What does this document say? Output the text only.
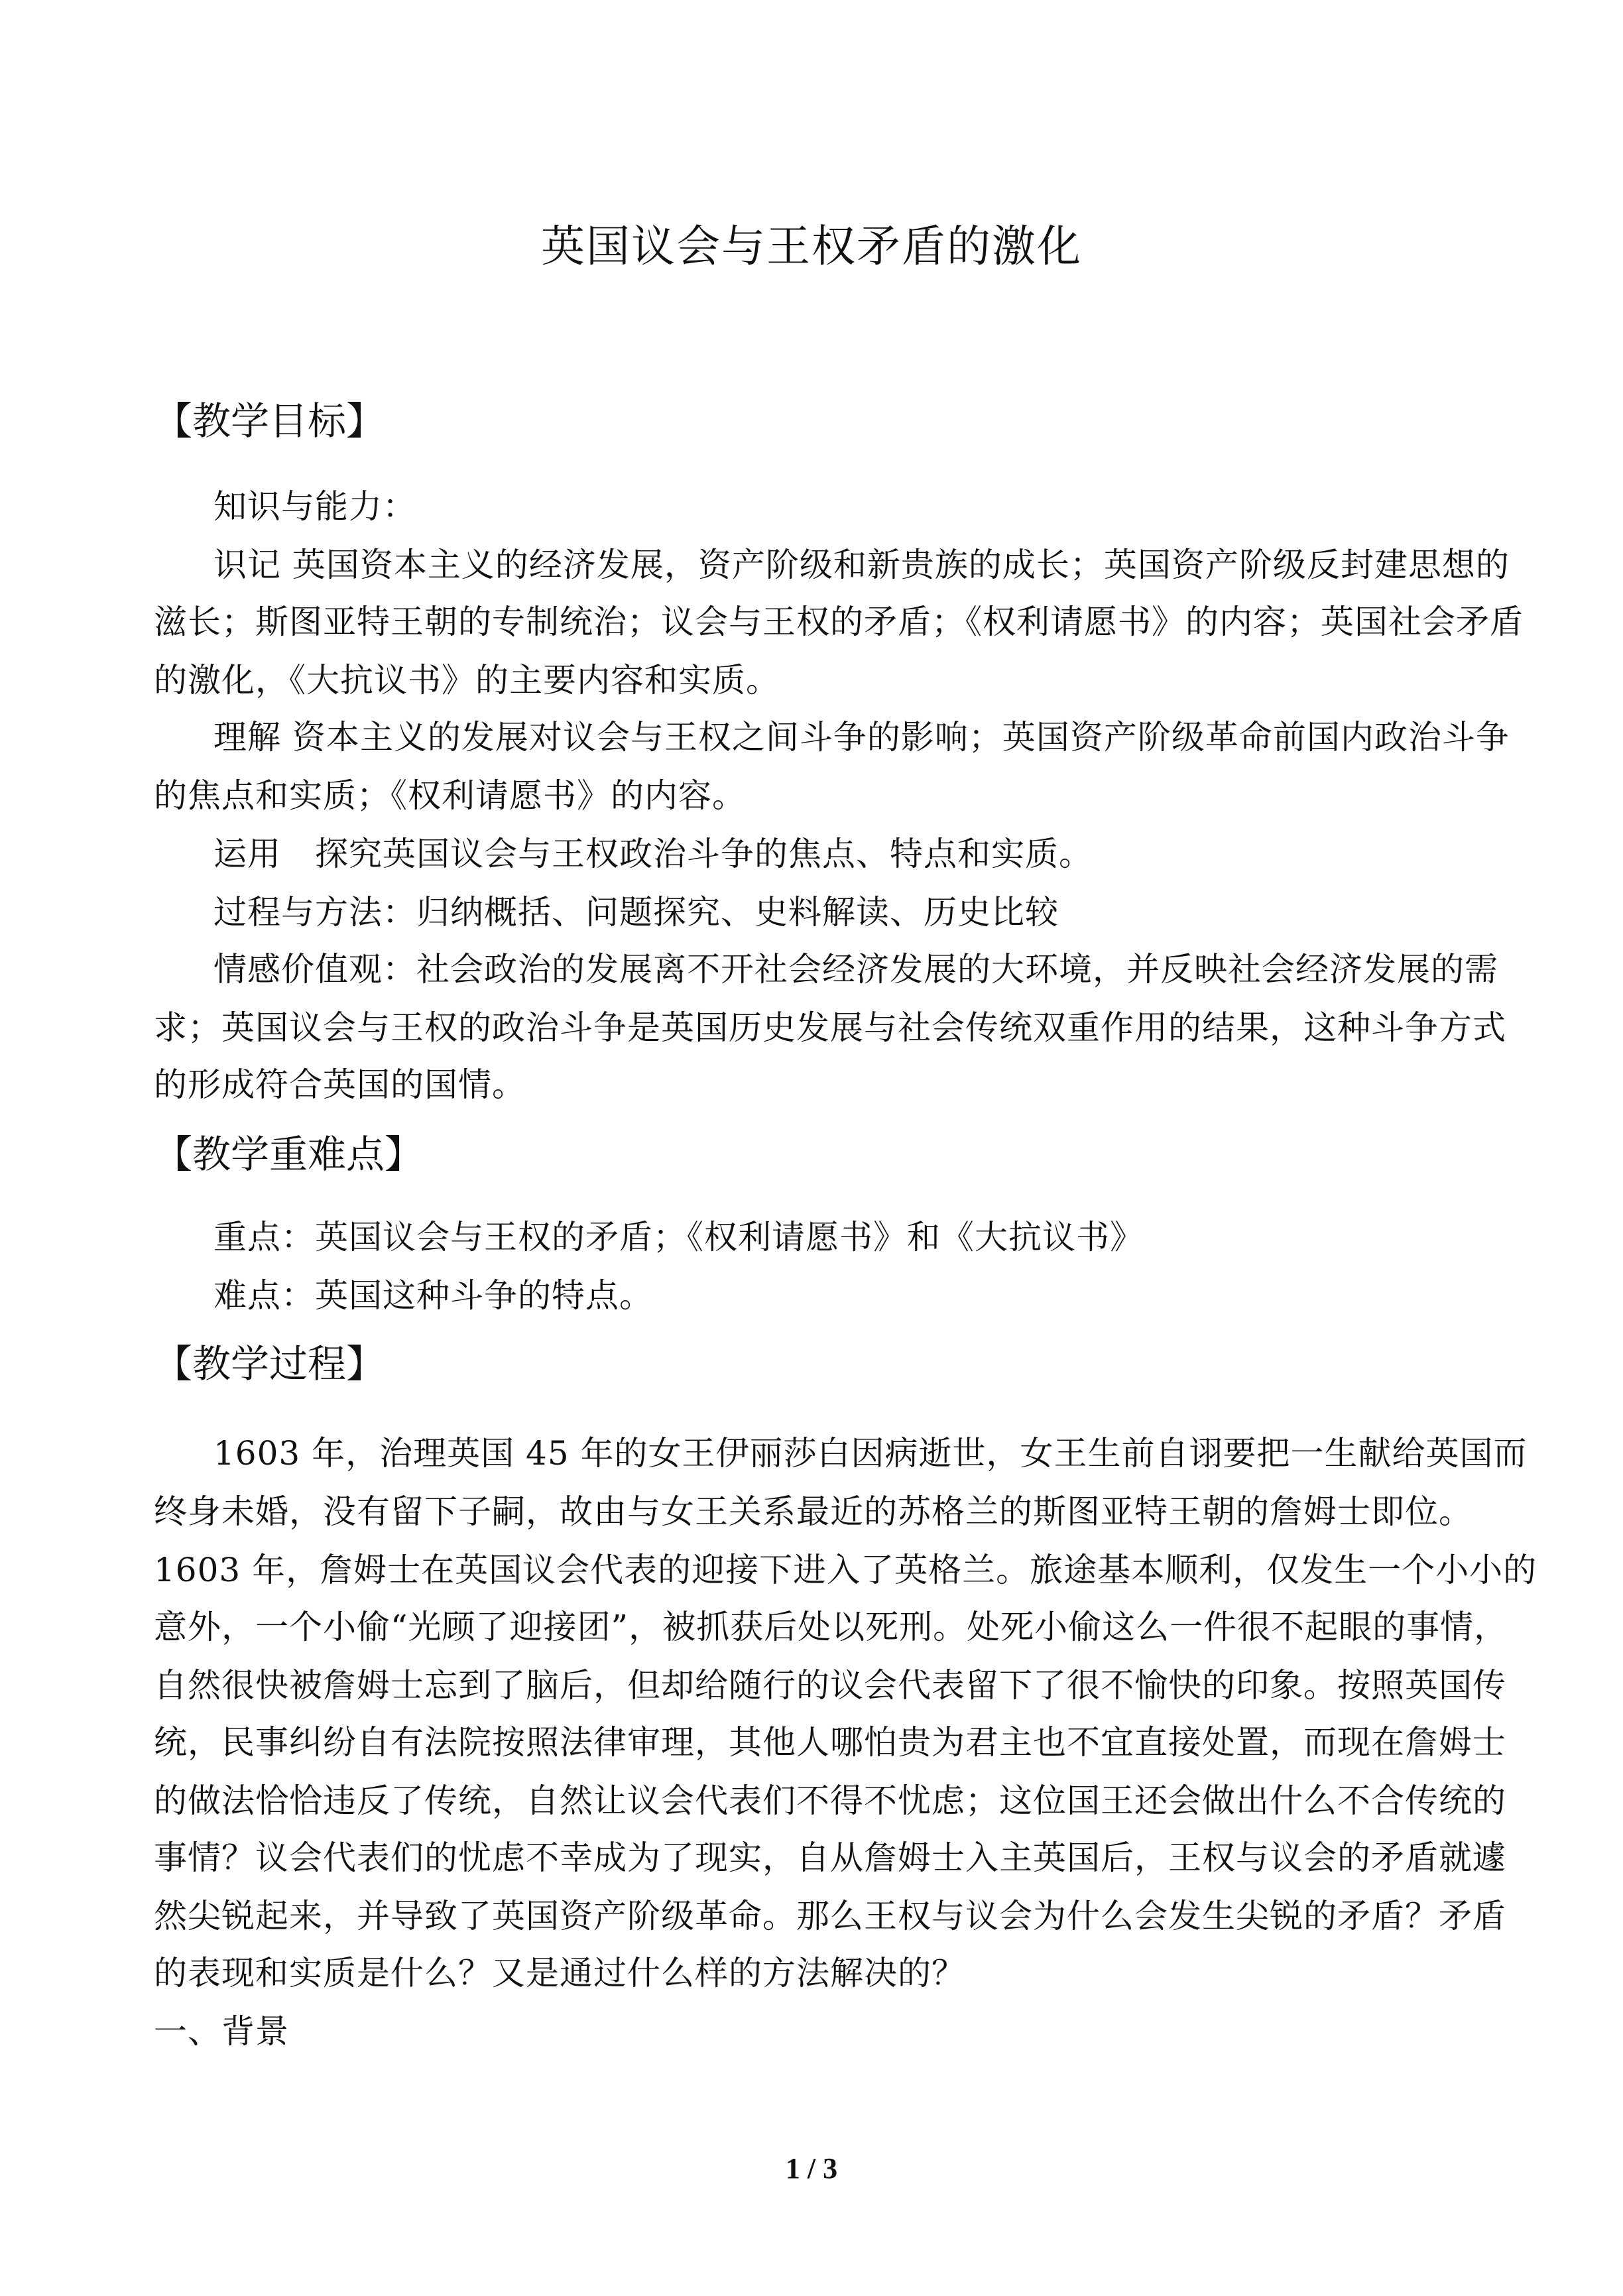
英国议会与王权矛盾的激化
【教学目标】
知识与能力：
识记 英国资本主义的经济发展，资产阶级和新贵族的成长；英国资产阶级反封建思想的
滋长；斯图亚特王朝的专制统治；议会与王权的矛盾；《权利请愿书》的内容；英国社会矛盾
的激化，《大抗议书》的主要内容和实质。
理解 资本主义的发展对议会与王权之间斗争的影响；英国资产阶级革命前国内政治斗争
的焦点和实质；《权利请愿书》的内容。
运用　探究英国议会与王权政治斗争的焦点、特点和实质。
过程与方法：归纳概括、问题探究、史料解读、历史比较
情感价值观：社会政治的发展离不开社会经济发展的大环境，并反映社会经济发展的需
求；英国议会与王权的政治斗争是英国历史发展与社会传统双重作用的结果，这种斗争方式
的形成符合英国的国情。
【教学重难点】
重点：英国议会与王权的矛盾；《权利请愿书》和《大抗议书》
难点：英国这种斗争的特点。
【教学过程】
1603 年，治理英国 45 年的女王伊丽莎白因病逝世，女王生前自诩要把一生献给英国而
终身未婚，没有留下子嗣，故由与女王关系最近的苏格兰的斯图亚特王朝的詹姆士即位。
1603 年，詹姆士在英国议会代表的迎接下进入了英格兰。旅途基本顺利，仅发生一个小小的
意外，一个小偷“光顾了迎接团”，被抓获后处以死刑。处死小偷这么一件很不起眼的事情，
自然很快被詹姆士忘到了脑后，但却给随行的议会代表留下了很不愉快的印象。按照英国传
统，民事纠纷自有法院按照法律审理，其他人哪怕贵为君主也不宜直接处置，而现在詹姆士
的做法恰恰违反了传统，自然让议会代表们不得不忧虑；这位国王还会做出什么不合传统的
事情？议会代表们的忧虑不幸成为了现实，自从詹姆士入主英国后，王权与议会的矛盾就遽
然尖锐起来，并导致了英国资产阶级革命。那么王权与议会为什么会发生尖锐的矛盾？矛盾
的表现和实质是什么？又是通过什么样的方法解决的？
一、背景
1 / 3
